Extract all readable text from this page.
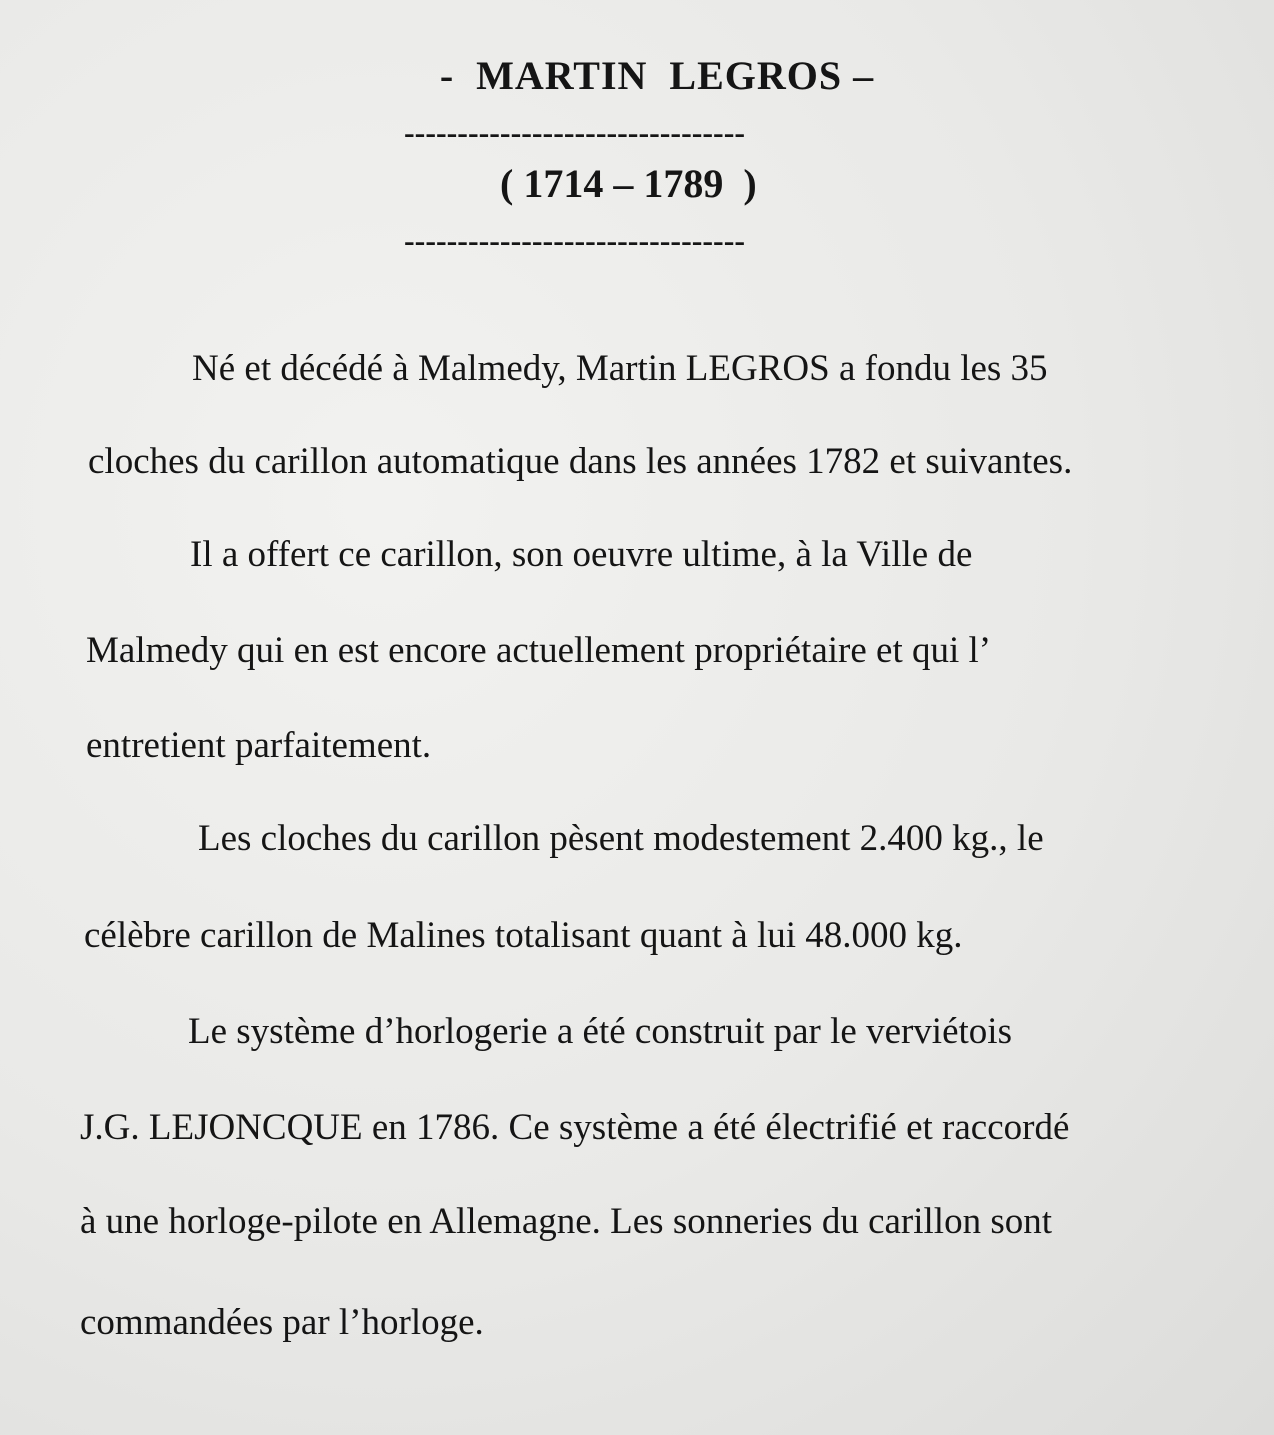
-  MARTIN  LEGROS –
--------------------------------
( 1714 – 1789  )
--------------------------------
Né et décédé à Malmedy, Martin LEGROS a fondu les 35
cloches du carillon automatique dans les années 1782 et suivantes.
Il a offert ce carillon, son oeuvre ultime, à la Ville de
Malmedy qui en est encore actuellement propriétaire et qui l’
entretient parfaitement.
Les cloches du carillon pèsent modestement 2.400 kg., le
célèbre carillon de Malines totalisant quant à lui 48.000 kg.
Le système d’horlogerie a été construit par le verviétois
J.G. LEJONCQUE en 1786. Ce système a été électrifié et raccordé
à une horloge-pilote en Allemagne. Les sonneries du carillon sont
commandées par l’horloge.
